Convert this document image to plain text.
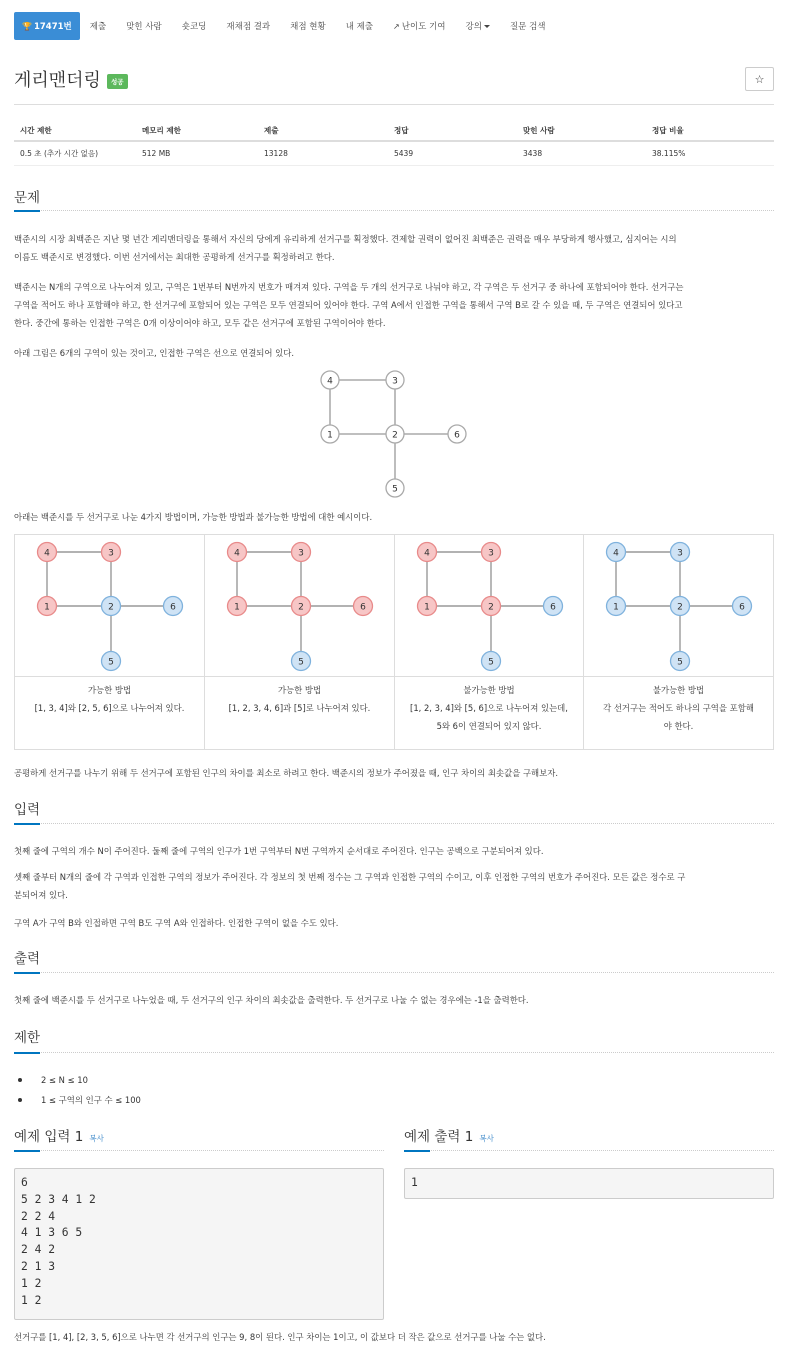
🏆 17471번	제출	맞힌 사람	숏코딩	재채점 결과	채점 현황	내 제출	↗ 난이도 기여 강의	질문 검색
게리맨더링	성공	☆
시간 제한	메모리 제한	제출	정답	맞힌 사람	정답 비율
0.5 초 (추가 시간 없음)	512 MB	13128	5439	3438	38.115%
문제
백준시의 시장 최백준은 지난 몇 년간 게리맨더링을 통해서 자신의 당에게 유리하게 선거구를 획정했다. 견제할 권력이 없어진 최백준은 권력을 매우 부당하게 행사했고, 심지어는 시의
이름도 백준시로 변경했다. 이번 선거에서는 최대한 공평하게 선거구를 획정하려고 한다.
백준시는 N개의 구역으로 나누어져 있고, 구역은 1번부터 N번까지 번호가 매겨져 있다. 구역을 두 개의 선거구로 나눠야 하고, 각 구역은 두 선거구 중 하나에 포함되어야 한다. 선거구는
구역을 적어도 하나 포함해야 하고, 한 선거구에 포함되어 있는 구역은 모두 연결되어 있어야 한다. 구역 A에서 인접한 구역을 통해서 구역 B로 갈 수 있을 때, 두 구역은 연결되어 있다고
한다. 중간에 통하는 인접한 구역은 0개 이상이어야 하고, 모두 같은 선거구에 포함된 구역이어야 한다.
아래 그림은 6개의 구역이 있는 것이고, 인접한 구역은 선으로 연결되어 있다.
4	3
1	2	6
5
아래는 백준시를 두 선거구로 나눈 4가지 방법이며, 가능한 방법과 불가능한 방법에 대한 예시이다.
1	2
3
4
5
6
가능한 방법
[1, 3, 4]와 [2, 5, 6]으로 나누어져 있다.
1	2
3
4
5
6
가능한 방법
[1, 2, 3, 4, 6]과 [5]로 나누어져 있다.
1	2
3
4
5
6
불가능한 방법
[1, 2, 3, 4]와 [5, 6]으로 나누어져 있는데,
5와 6이 연결되어 있지 않다.
1	2
3
4
5
6
불가능한 방법
각 선거구는 적어도 하나의 구역을 포함해
야 한다.
공평하게 선거구를 나누기 위해 두 선거구에 포함된 인구의 차이를 최소로 하려고 한다. 백준시의 정보가 주어졌을 때, 인구 차이의 최솟값을 구해보자.
입력
첫째 줄에 구역의 개수 N이 주어진다. 둘째 줄에 구역의 인구가 1번 구역부터 N번 구역까지 순서대로 주어진다. 인구는 공백으로 구분되어져 있다.
셋째 줄부터 N개의 줄에 각 구역과 인접한 구역의 정보가 주어진다. 각 정보의 첫 번째 정수는 그 구역과 인접한 구역의 수이고, 이후 인접한 구역의 번호가 주어진다. 모든 값은 정수로 구
분되어져 있다.
구역 A가 구역 B와 인접하면 구역 B도 구역 A와 인접하다. 인접한 구역이 없을 수도 있다.
출력
첫째 줄에 백준시를 두 선거구로 나누었을 때, 두 선거구의 인구 차이의 최솟값을 출력한다. 두 선거구로 나눌 수 없는 경우에는 -1을 출력한다.
제한
2 ≤ N ≤ 10
1 ≤ 구역의 인구 수 ≤ 100
예제 입력 1 복사
6
5 2 3 4 1 2
2 2 4
4 1 3 6 5
2 4 2
2 1 3
1 2
1 2
예제 출력 1 복사
1
선거구를 [1, 4], [2, 3, 5, 6]으로 나누면 각 선거구의 인구는 9, 8이 된다. 인구 차이는 1이고, 이 값보다 더 작은 값으로 선거구를 나눌 수는 없다.
